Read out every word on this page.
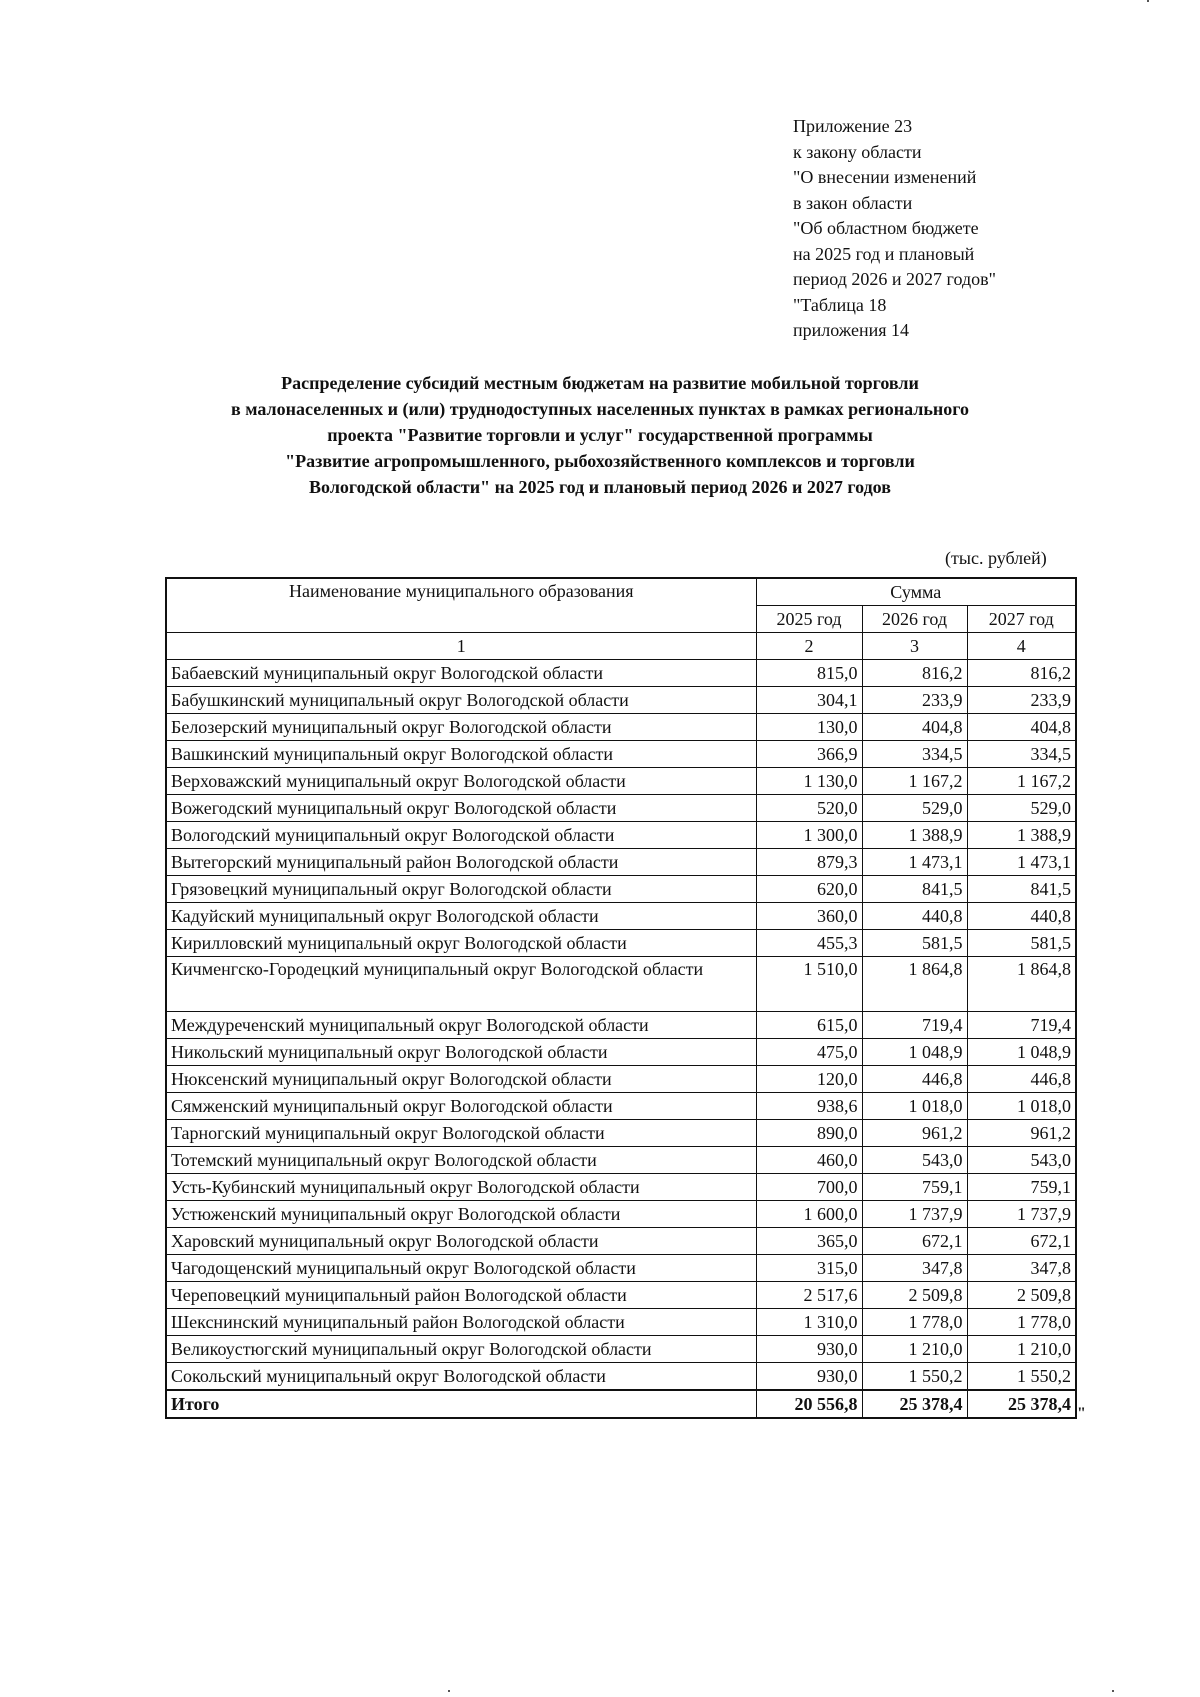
Приложение 23
к закону области
"О внесении изменений
в закон области
"Об областном бюджете
на 2025 год и плановый
период 2026 и 2027 годов"
"Таблица 18
приложения 14
Распределение субсидий местным бюджетам на развитие мобильной торговли
в малонаселенных и (или) труднодоступных населенных пунктах в рамках регионального
проекта "Развитие торговли и услуг" государственной программы
"Развитие агропромышленного, рыбохозяйственного комплексов и торговли
Вологодской области" на 2025 год и плановый период 2026 и 2027 годов
(тыс. рублей)
Наименование муниципального образования	Сумма		
	2025 год	2026 год	2027 год
1	2	3	4
Бабаевский муниципальный округ Вологодской области	815,0	816,2	816,2
Бабушкинский муниципальный округ Вологодской области	304,1	233,9	233,9
Белозерский муниципальный округ Вологодской области	130,0	404,8	404,8
Вашкинский муниципальный округ Вологодской области	366,9	334,5	334,5
Верховажский муниципальный округ Вологодской области	1 130,0	1 167,2	1 167,2
Вожегодский муниципальный округ Вологодской области	520,0	529,0	529,0
Вологодский муниципальный округ Вологодской области	1 300,0	1 388,9	1 388,9
Вытегорский муниципальный район Вологодской области	879,3	1 473,1	1 473,1
Грязовецкий муниципальный округ Вологодской области	620,0	841,5	841,5
Кадуйский муниципальный округ Вологодской области	360,0	440,8	440,8
Кирилловский муниципальный округ Вологодской области	455,3	581,5	581,5
Кичменгско-Городецкий муниципальный округ Вологодской области	1 510,0	1 864,8	1 864,8
Междуреченский муниципальный округ Вологодской области	615,0	719,4	719,4
Никольский муниципальный округ Вологодской области	475,0	1 048,9	1 048,9
Нюксенский муниципальный округ Вологодской области	120,0	446,8	446,8
Сямженский муниципальный округ Вологодской области	938,6	1 018,0	1 018,0
Тарногский муниципальный округ Вологодской области	890,0	961,2	961,2
Тотемский муниципальный округ Вологодской области	460,0	543,0	543,0
Усть-Кубинский муниципальный округ Вологодской области	700,0	759,1	759,1
Устюженский муниципальный округ Вологодской области	1 600,0	1 737,9	1 737,9
Харовский муниципальный округ Вологодской области	365,0	672,1	672,1
Чагодощенский муниципальный округ Вологодской области	315,0	347,8	347,8
Череповецкий муниципальный район Вологодской области	2 517,6	2 509,8	2 509,8
Шекснинский муниципальный район Вологодской области	1 310,0	1 778,0	1 778,0
Великоустюгский муниципальный округ Вологодской области	930,0	1 210,0	1 210,0
Сокольский муниципальный округ Вологодской области	930,0	1 550,2	1 550,2
Итого	20 556,8	25 378,4	25 378,4 "
